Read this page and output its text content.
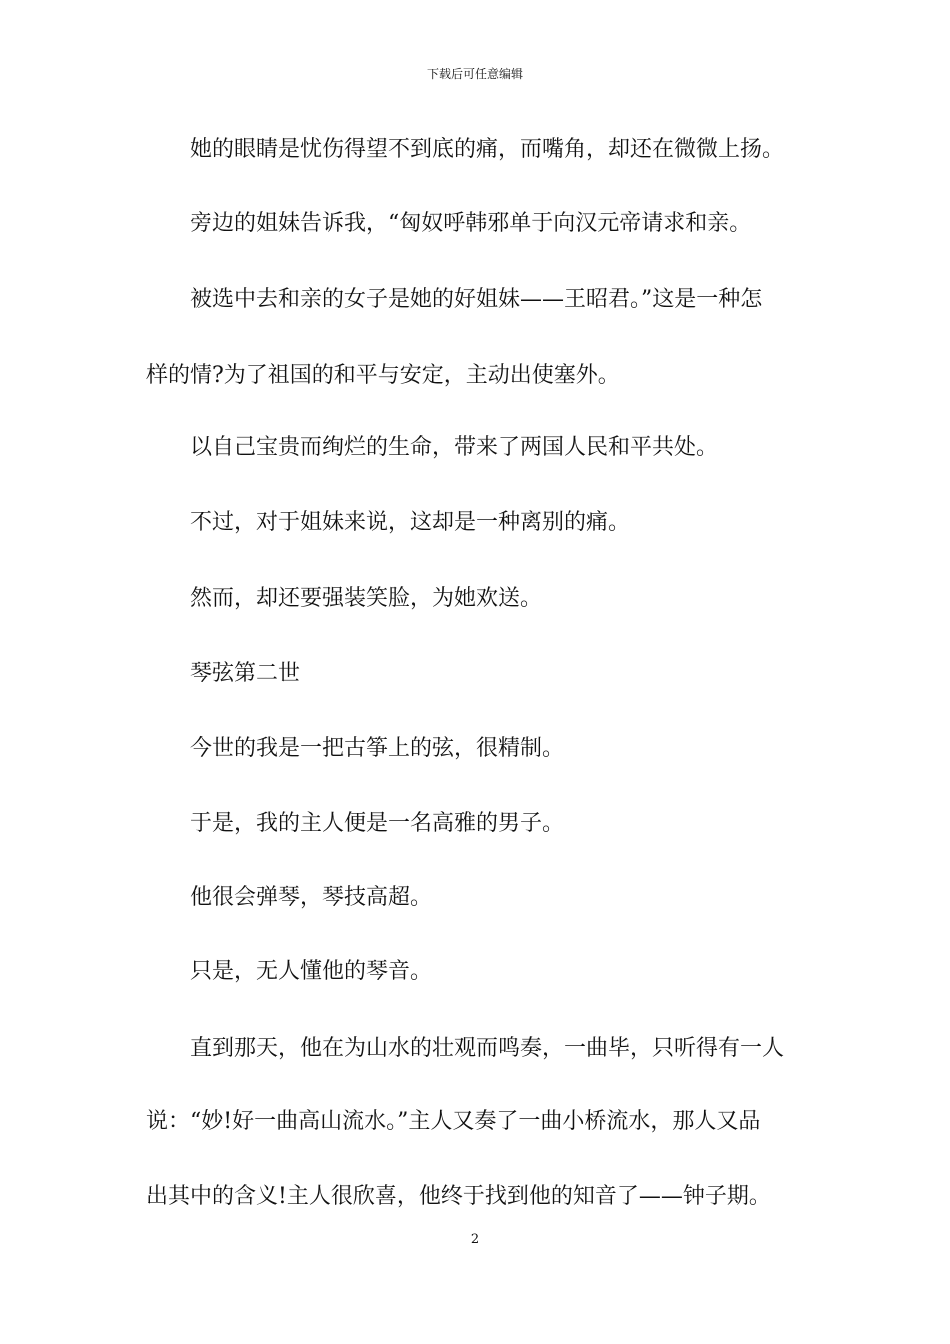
下载后可任意编辑
她的眼睛是忧伤得望不到底的痛，而嘴角，却还在微微上扬。
旁边的姐妹告诉我，“匈奴呼韩邪单于向汉元帝请求和亲。
被选中去和亲的女子是她的好姐妹——王昭君。”这是一种怎
样的情?为了祖国的和平与安定，主动出使塞外。
以自己宝贵而绚烂的生命，带来了两国人民和平共处。
不过，对于姐妹来说，这却是一种离别的痛。
然而，却还要强装笑脸，为她欢送。
琴弦第二世
今世的我是一把古筝上的弦，很精制。
于是，我的主人便是一名高雅的男子。
他很会弹琴，琴技高超。
只是，无人懂他的琴音。
直到那天，他在为山水的壮观而鸣奏，一曲毕，只听得有一人
说：“妙!好一曲高山流水。”主人又奏了一曲小桥流水，那人又品
出其中的含义!主人很欣喜，他终于找到他的知音了——钟子期。
2
